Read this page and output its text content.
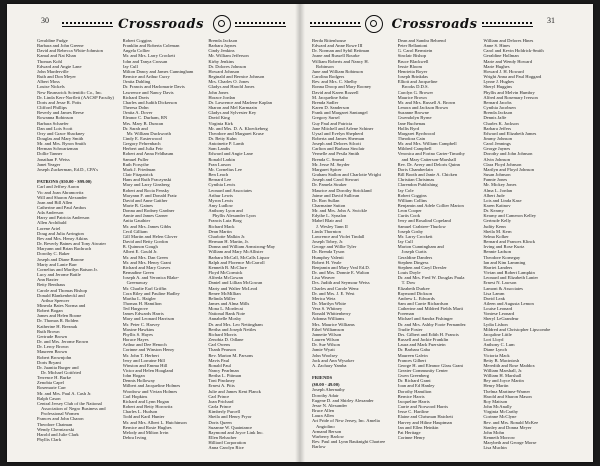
30	Crossroads
Geraldine Fudge
Barbara and John Greene
David and Rebecca White-Johnston
Kamal and Nat Khan
Thomas Kohl
Edward and Angie Lane
John Marderville
Ruth and Don Meyer
Albert Moss
Louise Nickels
New Brunswick Scientific Co., Inc.
Dr. Linda Kerr-Norflett (AACSP Faculty)
Doris and Jesse R. Potts
Clifford Phillips
Beverly and James Reese
Rowanna Robinson
Barbara Schaefer
Dan and Lois Scott
Orry and Grace Shackney
Douglas and Mary Smith
Mr. and Mrs. Byron Smith
Herman Schwartzman
Dollie Tanner
Jonathan F. Weiss
Janet Yeager
Joseph Zuckerman, Ed.D., CPA's

PATRONS ($50.00 - $99.00)
Carl and Jeffrey Aaron
Vic and Joan Abramovitz
Will and Sharon Alexander
Joan and Bill Allen
Catherine and Paul Ambos
Ada Anderson
Harry and Patricia Anderson
Allen Archibald
Lorene Ariel
Doug and Julia Arrington
Bev and Mrs. Henry Atkins
Dr. Beverly Baines and Tony Atwater
Maryann and Brian Bachrach
Dorothy C. Baker
Joseph and Diane Barone
Marty and Lanie Barr
Cornelius and Marilyn Batson Jr.
Lucy and Jerome Battle
Ann Baxter
Betty Benthaus
Carole and Thomas Bishop
Donald Blankenbeckl and
Arthur Spencer
Mineola Bates Norma and
Robert Bogan
James and Helen Boone
Dr. Thomas R. Bolden
Katherine H. Breznak
Ruth Brown
Gertrude Brown
Dr. and Mrs. Jerome Brown
Dr. Leroy Brown
Maureen Brown
Robert Brownjohn
Doris Bryant
Dr. Juanita Burger and
Dr. Michael Gottfried
Terrence H. Burke
Zenobia Capel
Rosemarie Carr
Mr. and Mrs. Paul A. Cash Jr.
Ralph Cason
Central Jersey Club of the National
Association of Negro Business and
Professional Women
Frances and John Charon
Theodore Chatman
Wendy Cherniawski
Harold and Julie Clark
Phyllis Clark
Robert Coggins
Franklin and Roberta Coleman
Angela Collier
Mr. and Mrs. Larry Crockett
John and Tanya Crossan
Jay Cull
Milton Dancy and James Cunningham
Bernice and Arthur Curry
Ornita Dahling
Dr. Francis and Harlomarie Davis
Lawrence and Nancy Davis
Richard Davis
Charles and Judith Dickerson
Theresa Dohn
Ornita A. Dover
Eleanor C. Durham, RN
Mrs. Mary B. Duncan
Dr. Sarah and
Mr. William Duckworth
Cindy E. Easterwood
Gregory Fehrenbach
Herbert and Julia Feir
Robert and Anna Feldbaum
Samuel Fuller
Ruth Forsythe
Mark J. Friedman
Clair Fitzpatrick
Hans and Ruth Fraczynski
Mary and Larry Ginsberg
Robert and Rocia Fensky
Maryann F. and Donald Fratz
David and Anne Gaither
Marie B. Gaines
Donna and Rodney Gardner
Annie and James Garner
Anita Gauthier
Mr. and Mrs. James Gibbs
Cecil Gilliam
Gill Martin and Helen Glover
David and Betty Gordon
B. Quinnon Gough
Albert E. Gould Jr.
Mr. and Mrs. Dan Green
Mr. and Mrs. Henry Grant
Richard and Mary Graves
Bernadine Green
Joseph A. and Veronica Blake-
Greenaway
Mr. Charlie Earl Griffin
Cora Riley and Pauline Hadley
Martha L. Haigler
Thomas H. Hamilton
Ted Hargrove
James Edwards Harris
Mary and Leonard Harrison
Mr. Peter C. Harvey
Maxine Hawkins
Phyllis S. Hayes
Horace Hayes
Arthur and Dee Henoch
Corinne and Winston Henry
Mr. John T. Herbert
Jerry and Lorraine Hill
Winston and Emma Hill
Victor and Helen Hoagland
John Hogan
Dennis Holloway
Milbert and Jacqueline Holmes
Woodrow and Vivian Holmes
Carl Hopkins
Richard and Lynn Hogan
Robert and Betty Horowitz
Charles L. Hudson
Todd and Karil Hunter
Mr. and Mrs. Albert L. Hutchinson
Bernice and Rosie Hughes
Melody and Milton Irvin
Debra Irving
Brenda Jackson
Barbara Jaynes
Cindy Jenkins
Mr. William Jefferson
Kirby Jenkins
Dr. Dolores Johnson
Howard Johnson
Reginald and Bernice Johnson
Mrs. Charles O. Jones
Gladys and Harold Jones
John Jones
Horace Jordan
Dr. Lawrence and Marlene Kaplan
Sharon and Mel Karmazin
Gladys and Sylvester Key
David King
Virginia Kirk
Mr. and Mrs. D. A. Kloeckeberg
Theodore and Margaret Kruse
Dr. Betty Kuhn
Antoinette P. Lamb
Sam Landis
Edward and Angie Lane
Ronald Larkin
Fran Larson
Mr. Cornelius Lee
Ben Leach
Bernard Lee
Cynthia Lewis
Leonard and Associates
Arthur Lewis
Myron Lewis
Amy Ludlow
Anthony Lyon and
Phyllis Alexander Lyon
Francis Lutz Borg
Richard Mack
Dean Martin
Charlotte Malkin Jr.
Herman H. Martin, Jr.
Donna and William Armstrong-May
William and Mary McAllister
Barbara McCall, McCalls Liquor
Ralph and Florence McCarroll
Kenneth B. McClure
Floyd McCormick
Alfreda McGowan
Daniel and Lillian McGowan
Marty and Walter McLeod
Renee McMillian
Belinda Miller
James and Alma Mills
Mona L. Mordecai
National Bank Note
Annabelle Mosby
Dr. and Mrs. Leo Nettingham
Bertha and Joseph Nettles
Richard Morris
Zenobia D. Odlane
Carl Owens
Thanh Pearson
Rev. Marion M. Parsons
Mavis Paul
Ronald Paul
Nancy Pearlman
Bertha L. Pittman
Toni Pinckney
Ernest A. Pitts
Julie and James Kent Planck
Carl Prince
Joan Prichard
Carla Prince
Kimberly Purcell
Sheila and Henry Pryor
Doris Queen
Suzanne W. Quaintance
Raymond and Joyce Link Inc.
Ellen Rehacher
Hilliard Corporation
Anna Carolyn Rice
31
Crossroads
Berda Rittenhouse
Edward and Anne Rowe III
Dr. Norman and Sybil Reitman
Joane and Russell Rourke
William Roberts and Nancy H.
Robinson
June and William Robinson
Carolina Rodgers
Rev. and Mrs. C. Shelby
Ronna Droop and Mary Rooney
David and Karen Rozzell
M. Jacqueline Sabo
Brenda Sadler
Karen D. Sanderson
Frank and Margaret Santangel
Gregory Sarsel
Guy Paul and Patricia
Jane Mitchell and Arlene Schiner
Uysal and Evelyn Shepherd
Roberta and James Sherman
Joseph and Delores Silcott
Carlton and Barbara Sinclair
Vernelle and Pesila Smith
Brenda C. Smead
Mr. Jesse M. Snyder
Margaret Spicer
Graham Stallon and Charlotte Wright
Joseph and Carol Stewart
Dr. Pamela Straker
Maurice and Dorothy Strickland
Jaime and David Sullivan
Dr. Ron Sullan
Charmaine Sutton
Mr. and Mrs. John A. Swickle
Edythe L. Synalon
Mabel Blair and
J. Wesley Tann II
Linda Thornton
Lawrence and Violet Tindall
Joseph Tobey, Jr.
George and Willie Tyler
Dr. Brenda Tyson
Humphry Valenti
Robert H. Veale
Benjamin and Mary Veal Ed.D.
Dr. and Mrs. Donnie E. Walton
Lisa Weaver
Drs. Judith and Seymour Weiss
Charles and Carole Wenz
Dr. and Mrs. J. E. West
Merica Wetz
Dr. Marilyn White
Vera S. Whitney
Ronald Whittenberry
Adonna Williams
Mrs. Maurice Williams
Ethel Williamson
Jannette Wilson
Lauren Wilson
Dr. Sue Wilson
Jamie Wyatt
John Woolsey
Jack and Ann Wysoker
A. Zachary Yamba

FRIENDS
($0.00 - 49.00)
Joseph Abernathy
Dorothy Adair
Eugene D. and Shirley Alexander
Jesse N. Alexander
Bruce Allen
Laura Allen
Art Pride of New Jersey, Inc. Amelia
Angiolino
Armand Berson
Warberry Barlow
Rev. Paul and Lynn Bauknight Chartree
Barlow
Dean and Sandra Behrend
Peter Bellantoni
G. Carol Bernstein
Sinclair Bishop
Bruce Blackwell
Jessie Bloom
Henrietta Boyer
Joseph Brinkdas
Elliott and Jacqueline
Brooks D.D.S.
Carolyn G. Brower
Maurice Brown
Mr. and Mrs. Russell A. Brown
Lenora and Jackson Brown
Suzanne Browne
Gwendolyn Byrne
Jane Buchenau
Hollis Byrd
Margaret Byrdwood
Theodora Cain
Mr. and Mrs. William Campbell
Mildred Campbell
Veronica and Forino Carter-Timothy
and Mary Catterson-Marshall
Rev. Dr. Avery and Deloris Quinn
Doris Chamberlain
Bill Booth and Janie A. Chicken
Christian Christmas
Clarendon Publishing
Jay Cole
Robert Coggins
William Collins
Benjamin and Adele Collier Marion
Leon Cooper
Curtis Cook
Jerry and Rosalind Copeland
Samuel Crabtree-Thurlow
Joseph Cosby
Mr. Larry Crockett
Jay Cull
Marion Cunningham and
Joseph Curtis
Geraldine Danders
Stephen Dingess
Stephen and Caryl Drexler
Louis Doyle
Dr. and Mrs. Fred W. Douglas Paula
T. Dow
Elizabeth Durkee
Raymond Dickson
Andrew L. Edwards
Sam and Carrie Richardson
Catherine and Mildred Fields Marti
Foreman
Michael and Sandra Fishinger
Dr. and Mrs. Ashby Foote Fernandez
Trudie Foster
Drs. Gilbert and Edith H. Francis
Russell and Jackie Franklin
Laura and Mark Fuerstein
Dr. Barbara Gaba
Maureen Galvin
Frances Gilbert
George H. and Eleanor Glass Grant
Greater Community Center
Gwen Greenberg
Dr. Richard Grant
Joan and Ed Hanley
Dorothy Hamilton
Bernice Harris
Jacqueline Harris
Carrie and Norwood Harris
Jesse C. Hartline
Elaine and Chrisman Hatchett
Harvey and Hiline Hauptman
Jan and Ellen Heinkin
Pat Heritage
Corinne Henry
William and Delores Hines
Anne S. Hines
Carol and Kevin Holdrick-Smith
Geraldine Hollman
Marie and Wendy Howard
Marie Hughes
Howard J. H. Howard
Wright Anna and Paul Hoggard
Lynne J. Hughes
Sheryl Huggins
Phyllis and Melvin Humbry
Alfred and Rosemary Iverson
Bernard Jacobs
Cynthia Jacobsen
Brenda Jackson
Dennis Jaffe
Charles K. Jackson
Barbara Jeffers
Edward and Elizabeth James
Jimmy Johnson
Carol Jennings
George Jaynes
Dorothy and John Johnson
Alvin Johnson
Clara Floyd Johnson
Marilyn and Floyd Johnson
Susan Johnson
Fannie Jones
Mr. Mickey Jones
Alma L. Jordan
Albert Jude
Lois and Linda Kase
Karen Katinov
Dr. Kearny
Kearny and Cameron Kelley
Gertrude Kelly
Judity Kenn
Sheila M. Kern
Selma Kolker
Bernard and Frances Klinck
Irving and Rose Kurtz
Bennie Ladson
Theodore Kornegay
Ian and Kim Lamming
Harriet Landers
Vivian and Robert Lampkin
Leonard and Elizabeth Lanier
Ernest N. Lawson
Lamont & Associates
Lisa Lamm
David Leak
Aileen and Augusta Lemon
Louise Leonard
Vontese Leonard
Sheryl LeGrandeur
Lydia Lisbon
Mildred and Christopher Lipscombe
Jacquline Little
Lori Lloyd
Anthony C. Lum
Diane Lynch
Victoria Mack
Betty B. Macintosh
Meredith and Rose Maddox
William Marshall, Jr.
William H. Marshall
Bey and Joyce Martin
Henry Martin
Thelma Martinez-Warner
Harold and Sharon Mason
Roy Mattson
John McAnally
Virginia McCarthy
Corinne McClyne
Rev. and Mrs. Ronald McKee
Stanley and Donna Meyer
John Mohn
Kenneth Morrow
Marybeth and George Morse
Lisa Muchin
